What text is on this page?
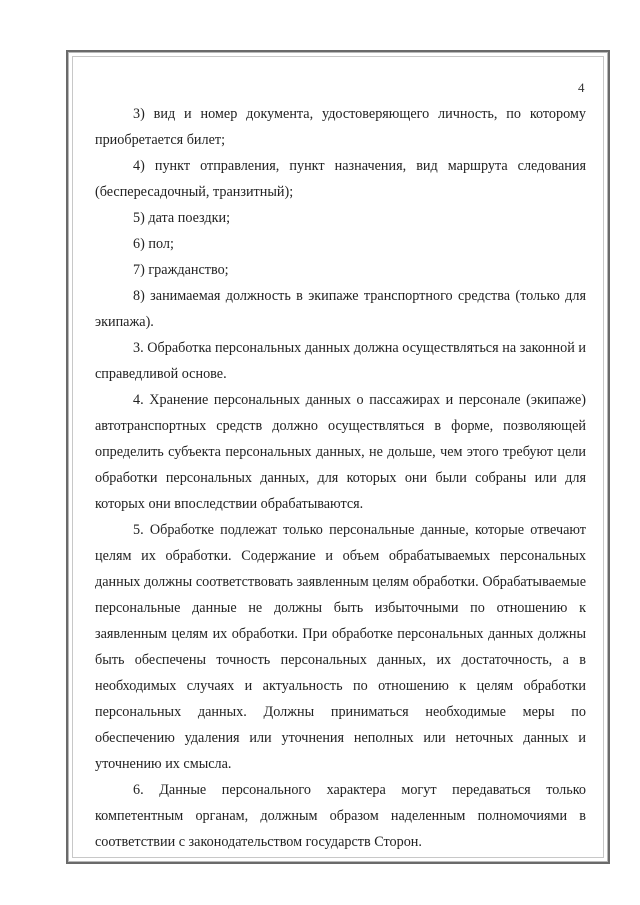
4

3) вид и номер документа, удостоверяющего личность, по которому приобретается билет;

4) пункт отправления, пункт назначения, вид маршрута следования (беспересадочный, транзитный);

5) дата поездки;

6) пол;

7) гражданство;

8) занимаемая должность в экипаже транспортного средства (только для экипажа).

3. Обработка персональных данных должна осуществляться на законной и справедливой основе.

4. Хранение персональных данных о пассажирах и персонале (экипаже) автотранспортных средств должно осуществляться в форме, позволяющей определить субъекта персональных данных, не дольше, чем этого требуют цели обработки персональных данных, для которых они были собраны или для которых они впоследствии обрабатываются.

5. Обработке подлежат только персональные данные, которые отвечают целям их обработки. Содержание и объем обрабатываемых персональных данных должны соответствовать заявленным целям обработки. Обрабатываемые персональные данные не должны быть избыточными по отношению к заявленным целям их обработки. При обработке персональных данных должны быть обеспечены точность персональных данных, их достаточность, а в необходимых случаях и актуальность по отношению к целям обработки персональных данных. Должны приниматься необходимые меры по обеспечению удаления или уточнения неполных или неточных данных и уточнению их смысла.

6. Данные персонального характера могут передаваться только компетентным органам, должным образом наделенным полномочиями в соответствии с законодательством государств Сторон.
